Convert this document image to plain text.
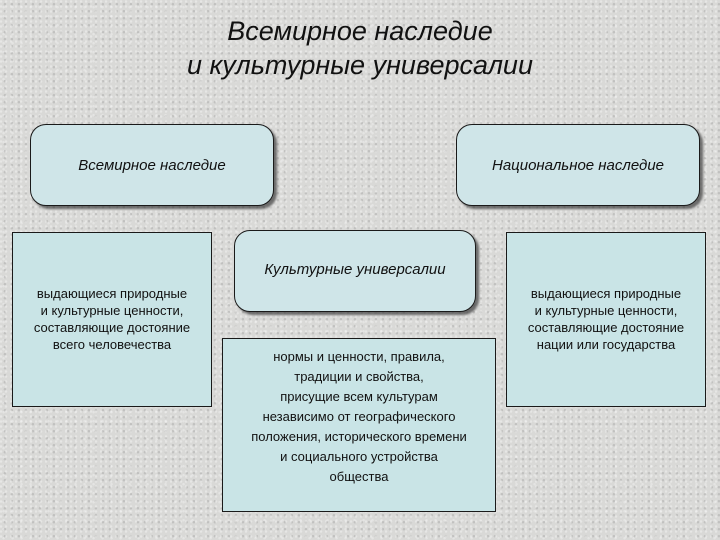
Всемирное наследие
и культурные универсалии
Всемирное наследие	Национальное наследие
Культурные универсалии
выдающиеся природные
и культурные ценности,
составляющие достояние
всего человечества
выдающиеся природные
и культурные ценности,
составляющие достояние
нации или государства
нормы и ценности, правила,
традиции и свойства,
присущие всем культурам
независимо от географического
положения, исторического времени
и социального устройства
общества
